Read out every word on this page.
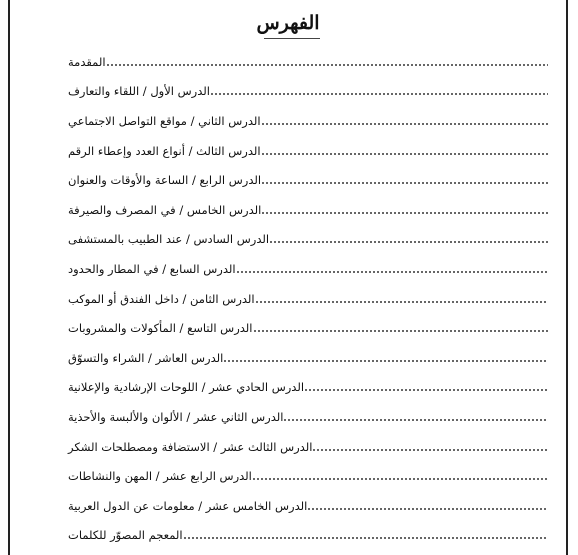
الفهرس
المقدمة
الدرس الأول / اللقاء والتعارف
الدرس الثاني / مواقع التواصل الاجتماعي
الدرس الثالث / أنواع العدد وإعطاء الرقم
الدرس الرابع / الساعة والأوقات والعنوان
الدرس الخامس / في المصرف والصيرفة
الدرس السادس / عند الطبيب بالمستشفى
الدرس السابع / في المطار والحدود
الدرس الثامن / داخل الفندق أو الموكب
الدرس التاسع / المأكولات والمشروبات
الدرس العاشر / الشراء والتسوّق
الدرس الحادي عشر / اللوحات الإرشادية والإعلانية
الدرس الثاني عشر / الألوان والألبسة والأحذية
الدرس الثالث عشر / الاستضافة ومصطلحات الشكر
الدرس الرابع عشر / المهن والنشاطات
الدرس الخامس عشر / معلومات عن الدول العربية
المعجم المصوّر للكلمات
